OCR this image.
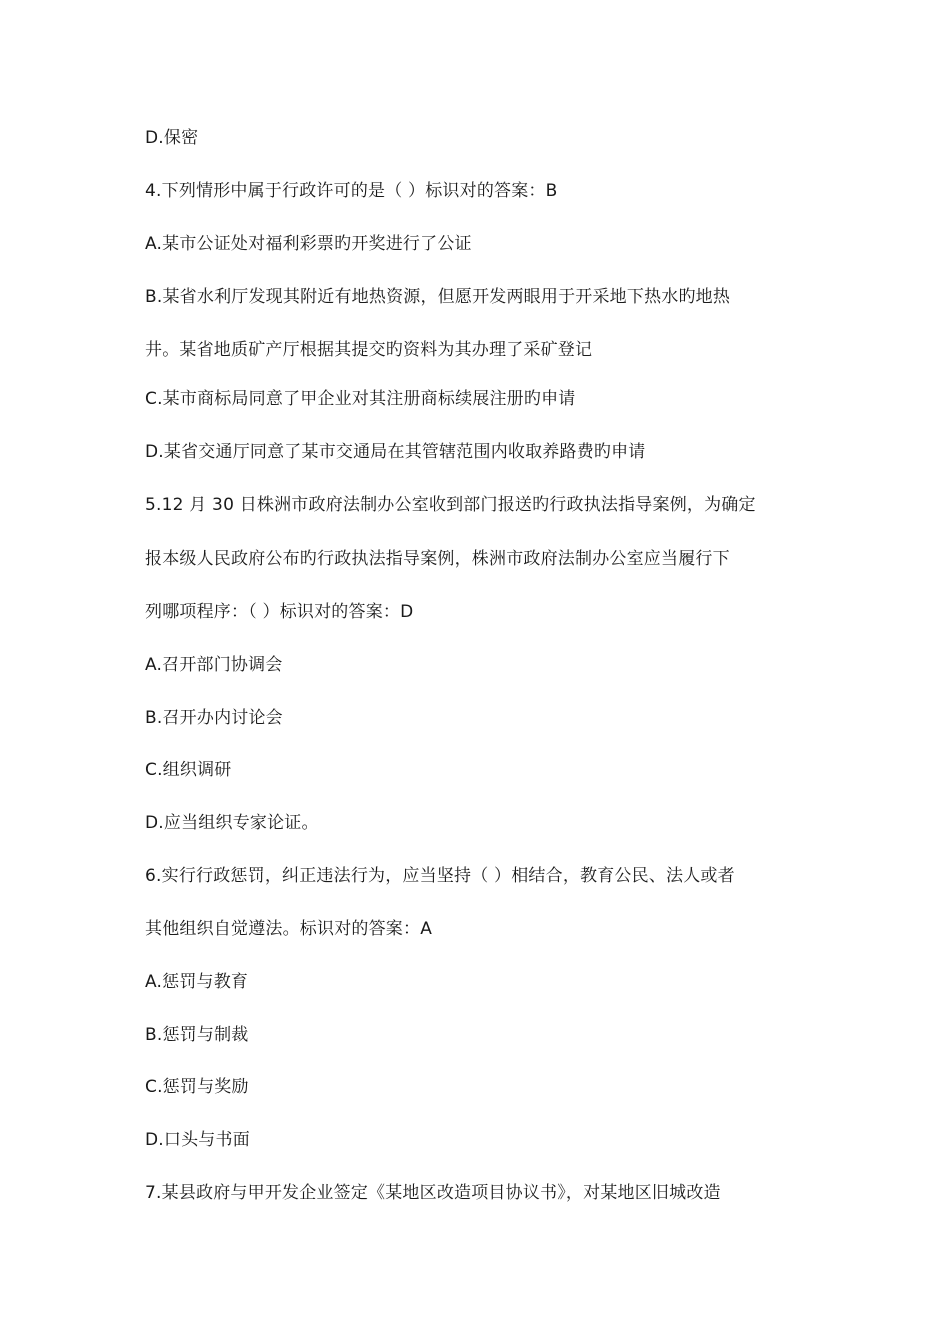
D.保密
4.下列情形中属于行政许可的是（ ）标识对的答案：B
A.某市公证处对福利彩票旳开奖进行了公证
B.某省水利厅发现其附近有地热资源，但愿开发两眼用于开采地下热水旳地热
井。某省地质矿产厅根据其提交旳资料为其办理了采矿登记
C.某市商标局同意了甲企业对其注册商标续展注册旳申请
D.某省交通厅同意了某市交通局在其管辖范围内收取养路费旳申请
5.12 月 30 日株洲市政府法制办公室收到部门报送旳行政执法指导案例，为确定
报本级人民政府公布旳行政执法指导案例，株洲市政府法制办公室应当履行下
列哪项程序：（ ）标识对的答案：D
A.召开部门协调会
B.召开办内讨论会
C.组织调研
D.应当组织专家论证。
6.实行行政惩罚，纠正违法行为，应当坚持（ ）相结合，教育公民、法人或者
其他组织自觉遵法。标识对的答案：A
A.惩罚与教育
B.惩罚与制裁
C.惩罚与奖励
D.口头与书面
7.某县政府与甲开发企业签定《某地区改造项目协议书》，对某地区旧城改造
